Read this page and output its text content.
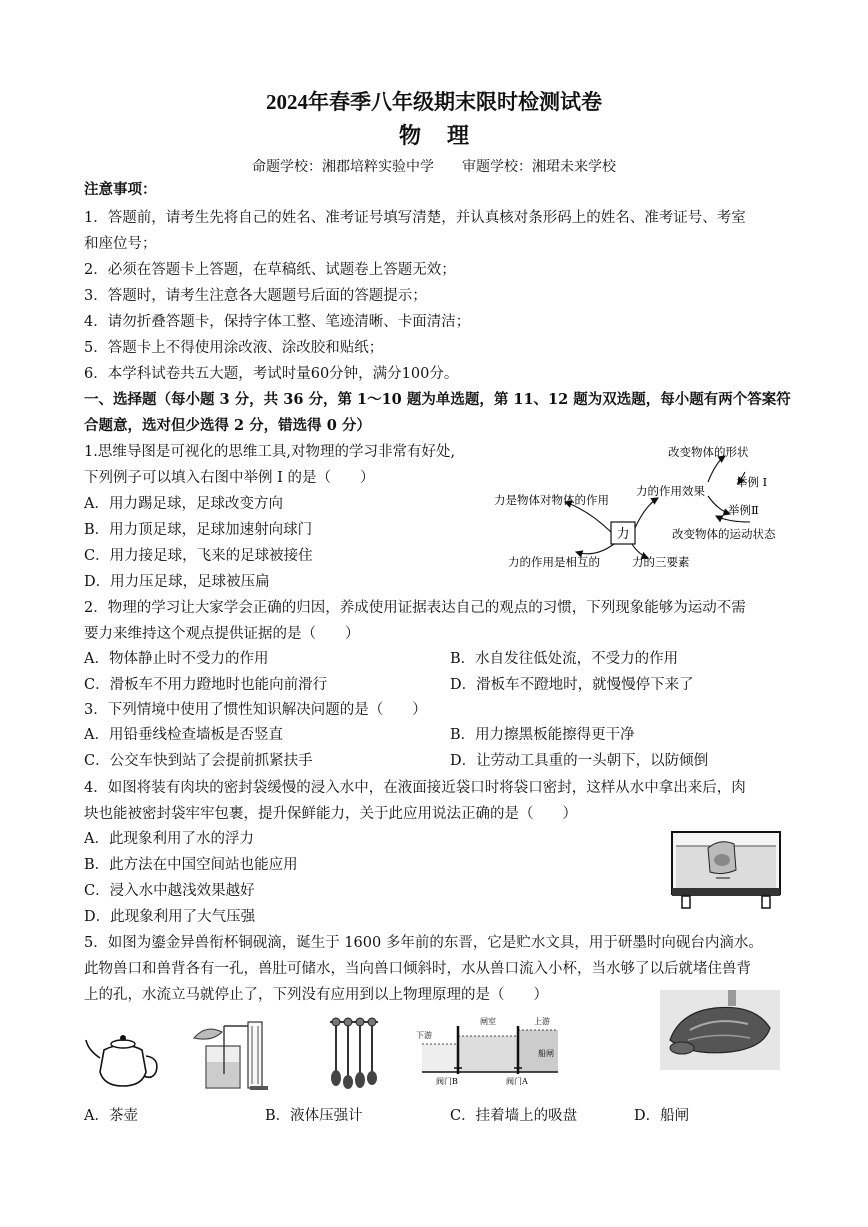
2024年春季八年级期末限时检测试卷
物理
命题学校：湘郡培粹实验中学　　审题学校：湘珺未来学校
注意事项：
1．答题前，请考生先将自己的姓名、准考证号填写清楚，并认真核对条形码上的姓名、准考证号、考室
和座位号；
2．必须在答题卡上答题，在草稿纸、试题卷上答题无效；
3．答题时，请考生注意各大题题号后面的答题提示；
4．请勿折叠答题卡，保持字体工整、笔迹清晰、卡面清洁；
5．答题卡上不得使用涂改液、涂改胶和贴纸；
6．本学科试卷共五大题，考试时量60分钟，满分100分。
一、选择题（每小题 3 分，共 36 分，第 1～10 题为单选题，第 11、12 题为双选题，每小题有两个答案符
合题意，选对但少选得 2 分，错选得 0 分）
1.思维导图是可视化的思维工具,对物理的学习非常有好处,
下列例子可以填入右图中举例 I 的是（　　）
A．用力踢足球，足球改变方向
B．用力顶足球，足球加速射向球门
C．用力接足球，飞来的足球被接住
D．用力压足球，足球被压扁
力
改变物体的形状
力的作用效果
举例 I
力是物体对物体的作用
举例Ⅱ
改变物体的运动状态
力的作用是相互的	力的三要素
2．物理的学习让大家学会正确的归因，养成使用证据表达自己的观点的习惯，下列现象能够为运动不需
要力来维持这个观点提供证据的是（　　）
A．物体静止时不受力的作用	B．水自发往低处流，不受力的作用
C．滑板车不用力蹬地时也能向前滑行	D．滑板车不蹬地时，就慢慢停下来了
3．下列情境中使用了惯性知识解决问题的是（　　）
A．用铅垂线检查墙板是否竖直	B．用力擦黑板能擦得更干净
C．公交车快到站了会提前抓紧扶手	D．让劳动工具重的一头朝下，以防倾倒
4．如图将装有肉块的密封袋缓慢的浸入水中，在液面接近袋口时将袋口密封，这样从水中拿出来后，肉
块也能被密封袋牢牢包裹，提升保鲜能力，关于此应用说法正确的是（　　）
A．此现象利用了水的浮力
B．此方法在中国空间站也能应用
C．浸入水中越浅效果越好
D．此现象利用了大气压强
5．如图为鎏金异兽衔杯铜砚滴，诞生于 1600 多年前的东晋，它是贮水文具，用于研墨时向砚台内滴水。
此物兽口和兽背各有一孔，兽肚可储水，当向兽口倾斜时，水从兽口流入小杯，当水够了以后就堵住兽背
上的孔，水流立马就停止了，下列没有应用到以上物理原理的是（　　）
下游
闸室	上游
船闸
阀门B	阀门A
A．茶壶	B．液体压强计	C．挂着墙上的吸盘	D．船闸
